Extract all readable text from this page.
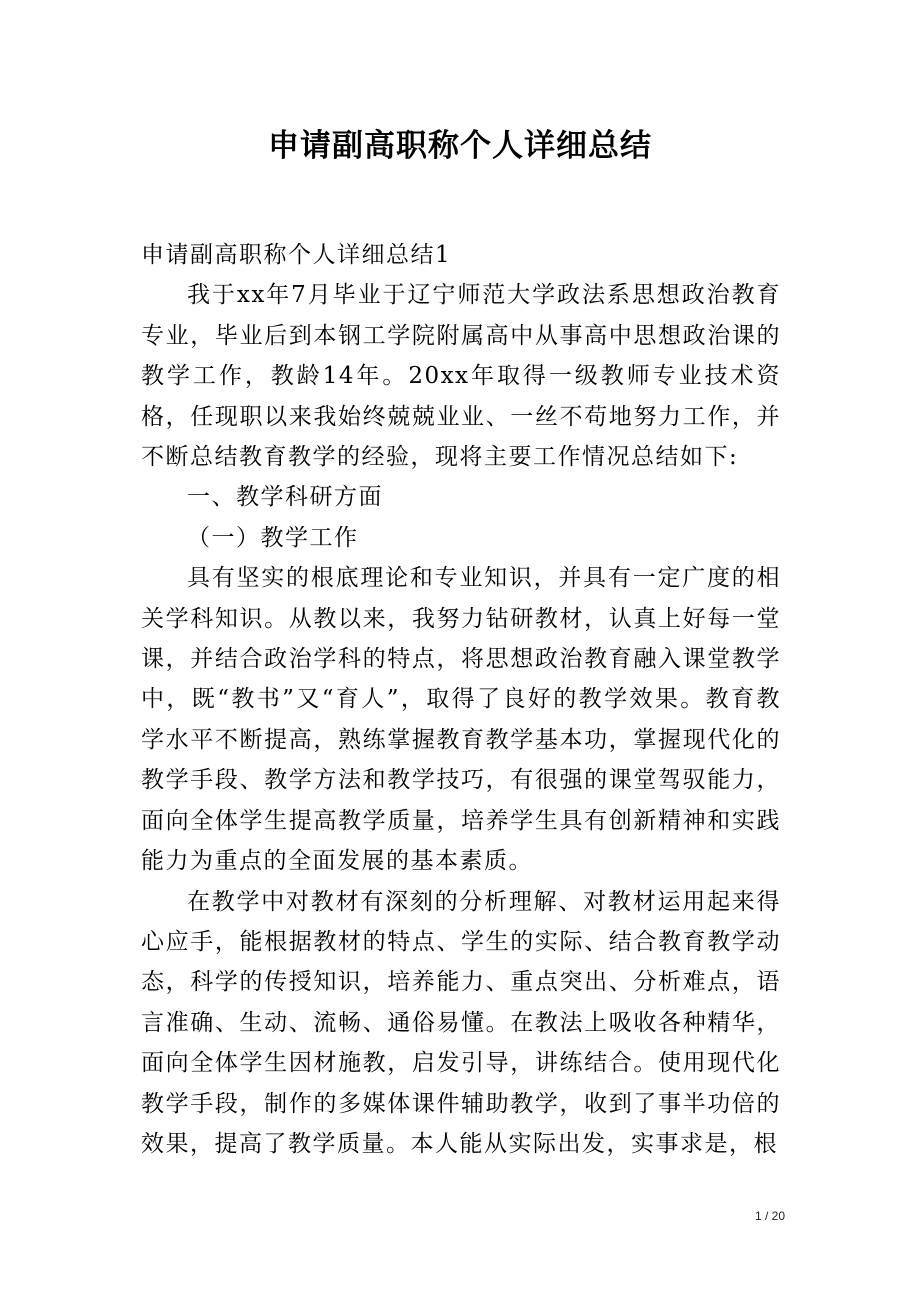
申请副高职称个人详细总结

申请副高职称个人详细总结1

我于xx年7月毕业于辽宁师范大学政法系思想政治教育专业，毕业后到本钢工学院附属高中从事高中思想政治课的教学工作，教龄14年。20xx年取得一级教师专业技术资格，任现职以来我始终兢兢业业、一丝不苟地努力工作，并不断总结教育教学的经验，现将主要工作情况总结如下:

一、教学科研方面

（一）教学工作

具有坚实的根底理论和专业知识，并具有一定广度的相关学科知识。从教以来，我努力钻研教材，认真上好每一堂课，并结合政治学科的特点，将思想政治教育融入课堂教学中，既“教书”又“育人”，取得了良好的教学效果。教育教学水平不断提高，熟练掌握教育教学基本功，掌握现代化的教学手段、教学方法和教学技巧，有很强的课堂驾驭能力，面向全体学生提高教学质量，培养学生具有创新精神和实践能力为重点的全面发展的基本素质。

在教学中对教材有深刻的分析理解、对教材运用起来得心应手，能根据教材的特点、学生的实际、结合教育教学动态，科学的传授知识，培养能力、重点突出、分析难点，语言准确、生动、流畅、通俗易懂。在教法上吸收各种精华，面向全体学生因材施教，启发引导，讲练结合。使用现代化教学手段，制作的多媒体课件辅助教学，收到了事半功倍的效果，提高了教学质量。本人能从实际出发，实事求是，根

1 / 20
